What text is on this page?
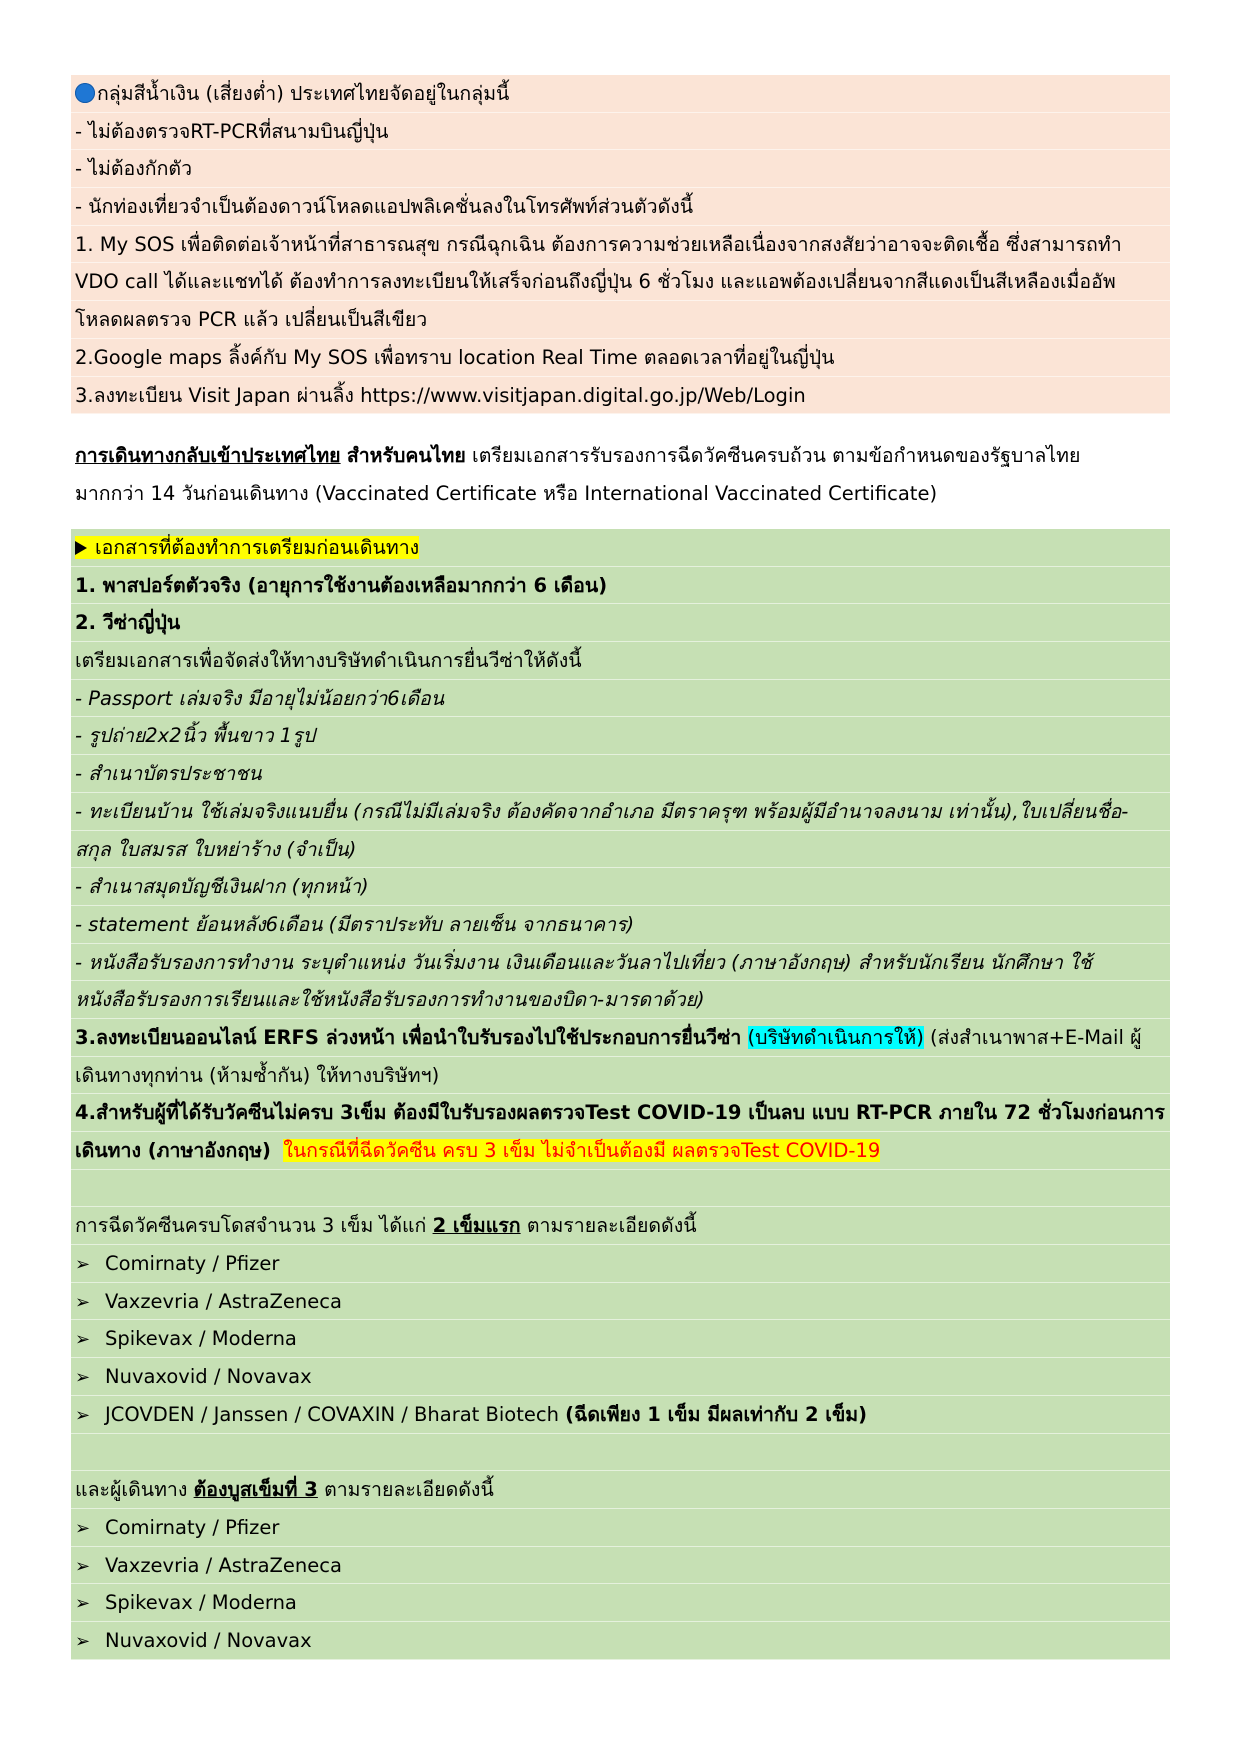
กลุ่มสีน้ำเงิน (เสี่ยงต่ำ) ประเทศไทยจัดอยู่ในกลุ่มนี้
- ไม่ต้องตรวจRT-PCRที่สนามบินญี่ปุ่น
- ไม่ต้องกักตัว
- นักท่องเที่ยวจำเป็นต้องดาวน์โหลดแอปพลิเคชั่นลงในโทรศัพท์ส่วนตัวดังนี้
1. My SOS เพื่อติดต่อเจ้าหน้าที่สาธารณสุข กรณีฉุกเฉิน ต้องการความช่วยเหลือเนื่องจากสงสัยว่าอาจจะติดเชื้อ ซึ่งสามารถทำ
VDO call ได้และแชทได้ ต้องทำการลงทะเบียนให้เสร็จก่อนถึงญี่ปุ่น 6 ชั่วโมง และแอพต้องเปลี่ยนจากสีแดงเป็นสีเหลืองเมื่ออัพ
โหลดผลตรวจ PCR แล้ว เปลี่ยนเป็นสีเขียว
2.Google maps ลิ้งค์กับ My SOS เพื่อทราบ location Real Time ตลอดเวลาที่อยู่ในญี่ปุ่น
3.ลงทะเบียน Visit Japan ผ่านลิ้ง https://www.visitjapan.digital.go.jp/Web/Login
การเดินทางกลับเข้าประเทศไทย สำหรับคนไทย เตรียมเอกสารรับรองการฉีดวัคซีนครบถ้วน ตามข้อกำหนดของรัฐบาลไทย
มากกว่า 14 วันก่อนเดินทาง (Vaccinated Certificate หรือ International Vaccinated Certificate)
เอกสารที่ต้องทำการเตรียมก่อนเดินทาง
1. พาสปอร์ตตัวจริง (อายุการใช้งานต้องเหลือมากกว่า 6 เดือน)
2. วีซ่าญี่ปุ่น
เตรียมเอกสารเพื่อจัดส่งให้ทางบริษัทดำเนินการยื่นวีซ่าให้ดังนี้
- Passport เล่มจริง มีอายุไม่น้อยกว่า6เดือน
- รูปถ่าย2x2นิ้ว พื้นขาว 1รูป
- สำเนาบัตรประชาชน
- ทะเบียนบ้าน ใช้เล่มจริงแนบยื่น (กรณีไม่มีเล่มจริง ต้องคัดจากอำเภอ มีตราครุฑ พร้อมผู้มีอำนาจลงนาม เท่านั้น),ใบเปลี่ยนชื่อ-
สกุล ใบสมรส ใบหย่าร้าง (จำเป็น)
- สำเนาสมุดบัญชีเงินฝาก (ทุกหน้า)
- statement ย้อนหลัง6เดือน (มีตราประทับ ลายเซ็น จากธนาคาร)
- หนังสือรับรองการทำงาน ระบุตำแหน่ง วันเริ่มงาน เงินเดือนและวันลาไปเที่ยว (ภาษาอังกฤษ) สำหรับนักเรียน นักศึกษา ใช้
หนังสือรับรองการเรียนและใช้หนังสือรับรองการทำงานของบิดา-มารดาด้วย)
3.ลงทะเบียนออนไลน์ ERFS ล่วงหน้า เพื่อนำใบรับรองไปใช้ประกอบการยื่นวีซ่า (บริษัทดำเนินการให้) (ส่งสำเนาพาส+E-Mail ผู้
เดินทางทุกท่าน (ห้ามซ้ำกัน) ให้ทางบริษัทฯ)
4.สำหรับผู้ที่ได้รับวัคซีนไม่ครบ 3เข็ม ต้องมีใบรับรองผลตรวจTest COVID-19 เป็นลบ แบบ RT-PCR ภายใน 72 ชั่วโมงก่อนการ
เดินทาง (ภาษาอังกฤษ) ในกรณีที่ฉีดวัคซีน ครบ 3 เข็ม ไม่จำเป็นต้องมี ผลตรวจTest COVID-19
การฉีดวัคซีนครบโดสจำนวน 3 เข็ม ได้แก่ 2 เข็มแรก ตามรายละเอียดดังนี้
➢ Comirnaty / Pfizer
➢ Vaxzevria / AstraZeneca
➢ Spikevax / Moderna
➢ Nuvaxovid / Novavax
➢ JCOVDEN / Janssen / COVAXIN / Bharat Biotech (ฉีดเพียง 1 เข็ม มีผลเท่ากับ 2 เข็ม)
และผู้เดินทาง ต้องบูสเข็มที่ 3 ตามรายละเอียดดังนี้
➢ Comirnaty / Pfizer
➢ Vaxzevria / AstraZeneca
➢ Spikevax / Moderna
➢ Nuvaxovid / Novavax
